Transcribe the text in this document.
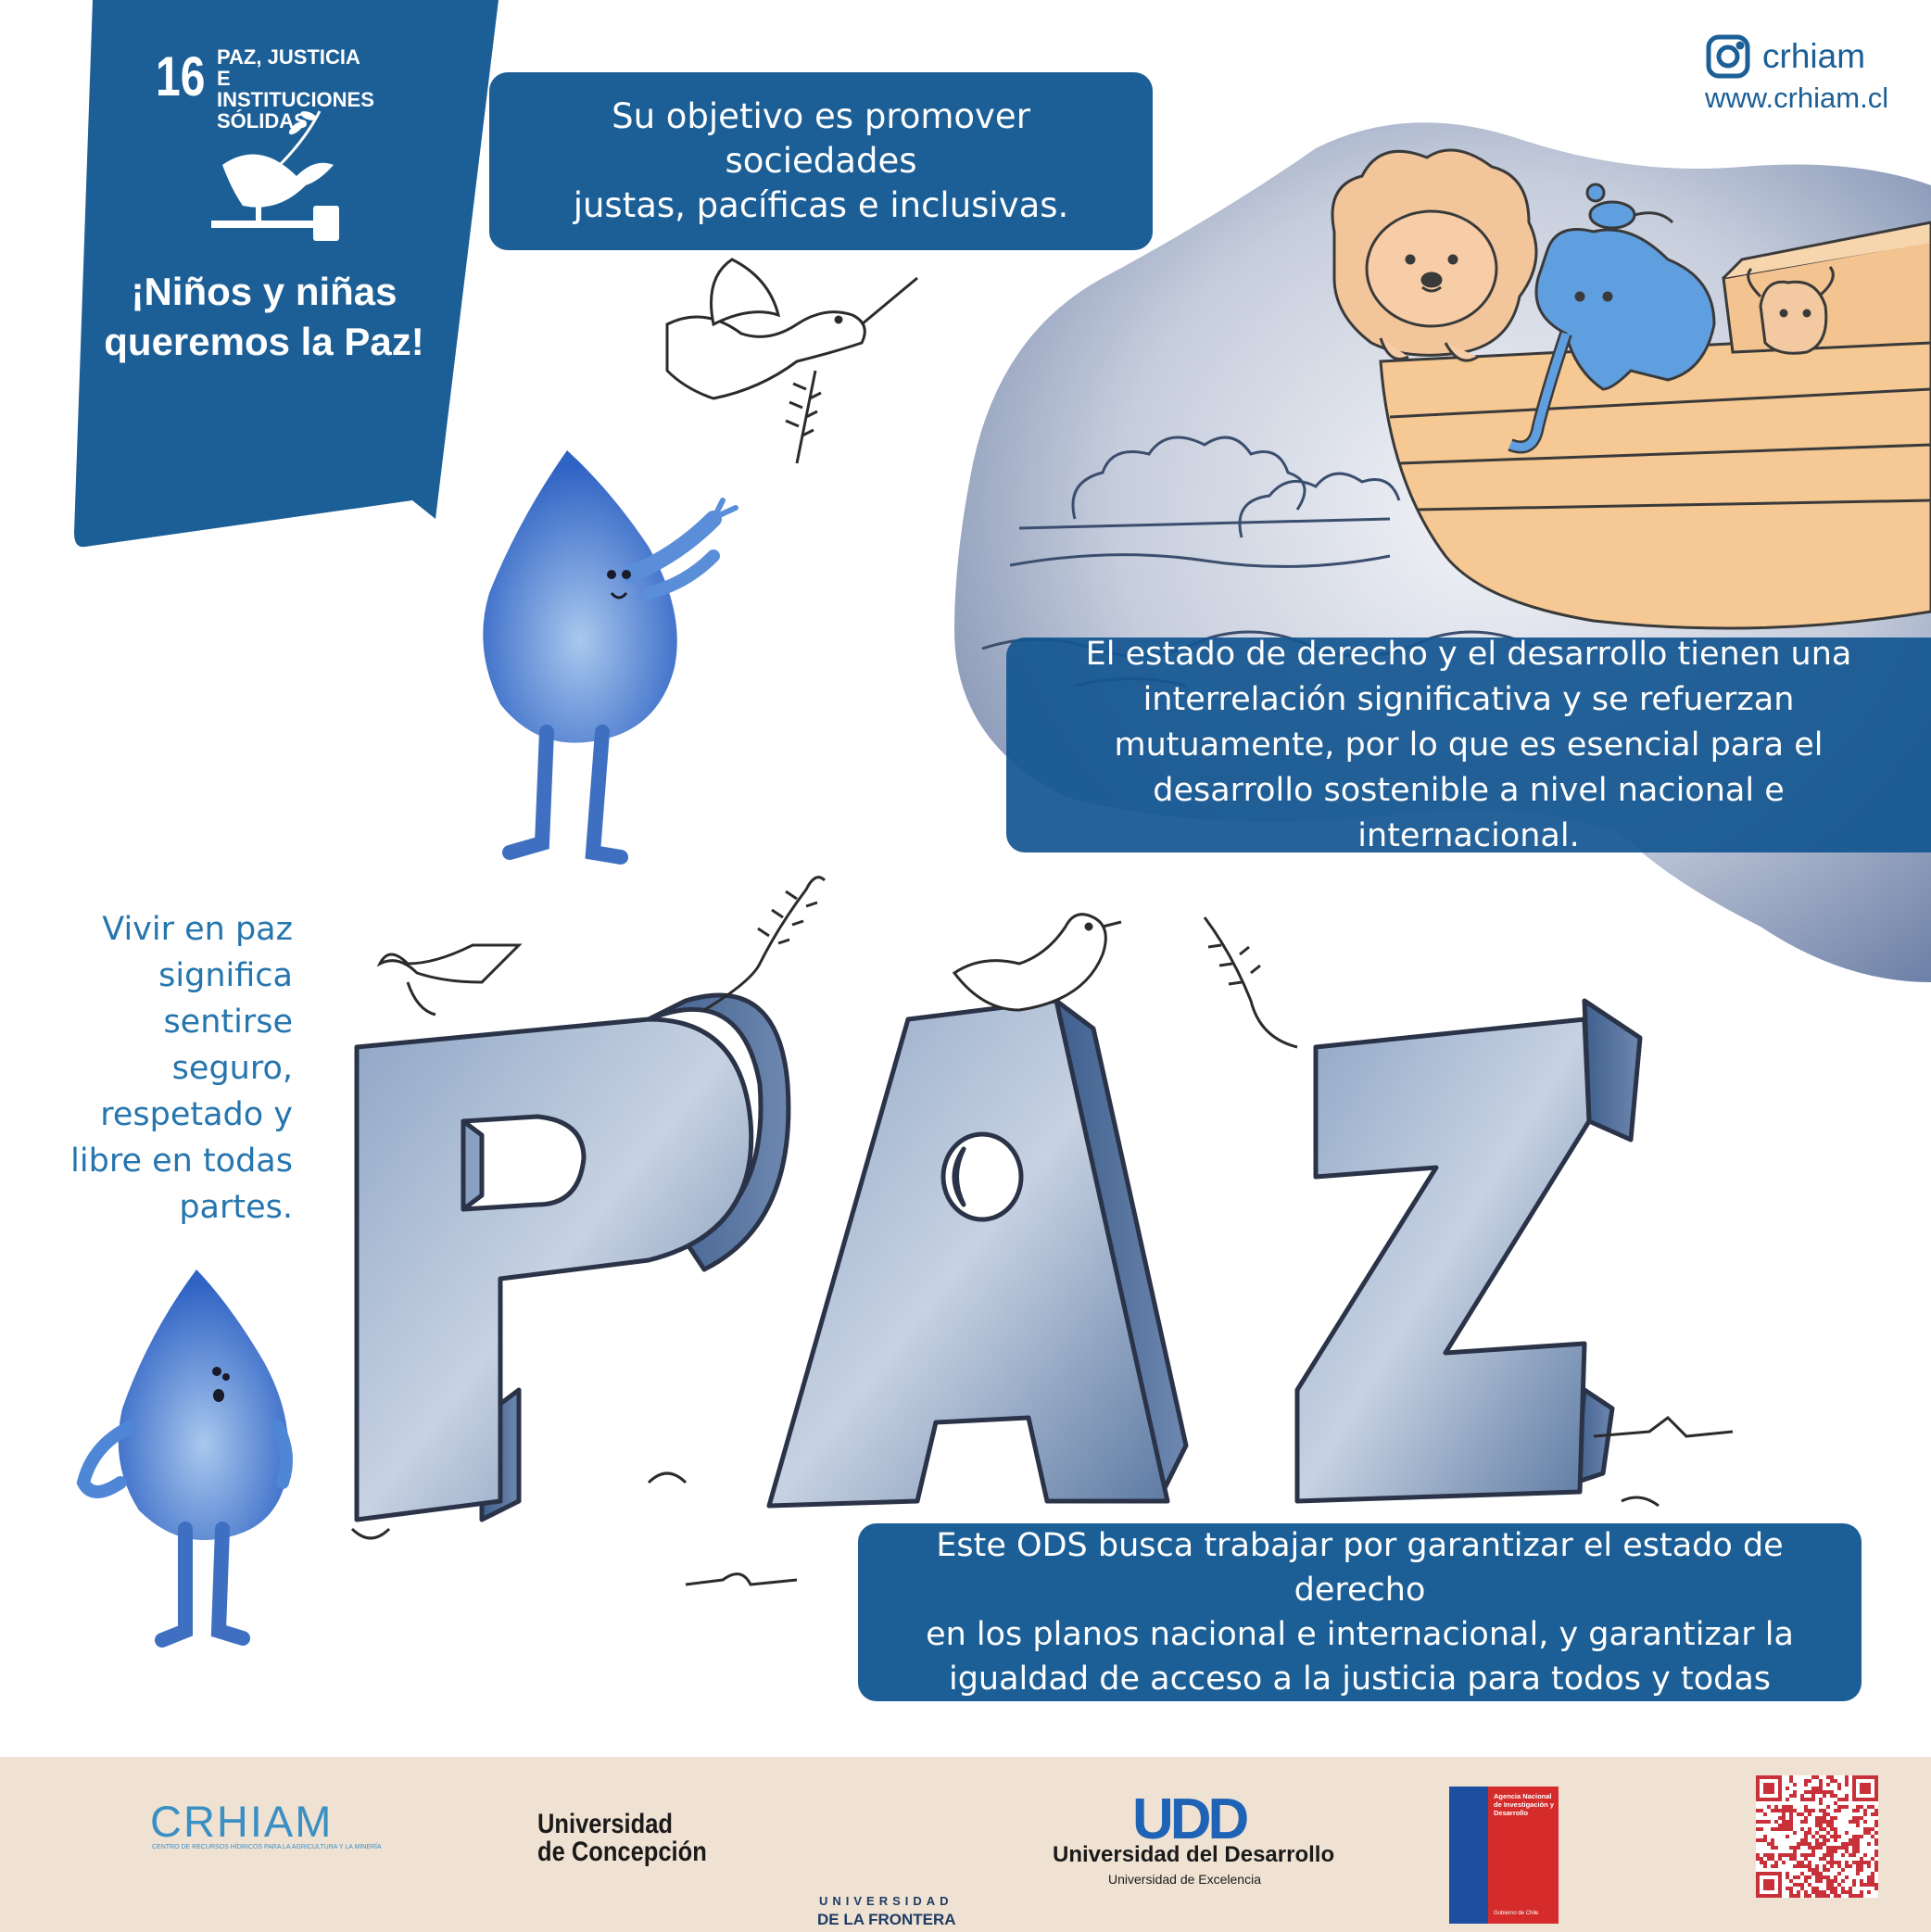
16 PAZ, JUSTICIA
E INSTITUCIONES
SÓLIDAS
¡Niños y niñas
queremos la Paz!
crhiam
www.crhiam.cl
Su objetivo es promover sociedades
justas, pacíficas e inclusivas.
El estado de derecho y el desarrollo tienen una
interrelación significativa y se refuerzan
mutuamente, por lo que es esencial para el
desarrollo sostenible a nivel nacional e internacional.
Este ODS busca trabajar por garantizar el estado de derecho
en los planos nacional e internacional, y garantizar la
igualdad de acceso a la justicia para todos y todas
Vivir en paz
significa
sentirse
seguro,
respetado y
libre en todas
partes.
CRHIAM
CENTRO DE RECURSOS HÍDRICOS PARA LA AGRICULTURA Y LA MINERÍA
Universidad
de Concepción
UNIVERSIDAD
DE LA FRONTERA
UDD
Universidad del Desarrollo
Universidad de Excelencia
Agencia Nacional de Investigación y Desarrollo
Gobierno de Chile
